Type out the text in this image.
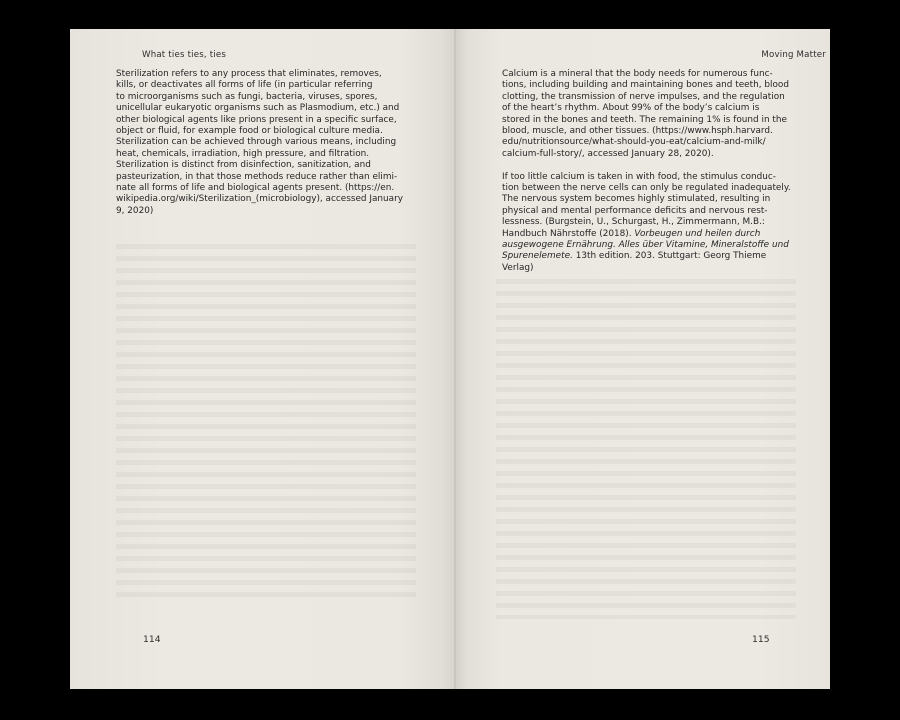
What ties ties, ties

Sterilization refers to any process that eliminates, removes,
kills, or deactivates all forms of life (in particular referring
to microorganisms such as fungi, bacteria, viruses, spores,
unicellular eukaryotic organisms such as Plasmodium, etc.) and
other biological agents like prions present in a specific surface,
object or fluid, for example food or biological culture media.
Sterilization can be achieved through various means, including
heat, chemicals, irradiation, high pressure, and filtration.
Sterilization is distinct from disinfection, sanitization, and
pasteurization, in that those methods reduce rather than elimi-
nate all forms of life and biological agents present. (https://en.
wikipedia.org/wiki/Sterilization_(microbiology), accessed January
9, 2020)

114
Moving Matter

Calcium is a mineral that the body needs for numerous func-
tions, including building and maintaining bones and teeth, blood
clotting, the transmission of nerve impulses, and the regulation
of the heart’s rhythm. About 99% of the body’s calcium is
stored in the bones and teeth. The remaining 1% is found in the
blood, muscle, and other tissues. (https://www.hsph.harvard.
edu/nutritionsource/what-should-you-eat/calcium-and-milk/
calcium-full-story/, accessed January 28, 2020).

If too little calcium is taken in with food, the stimulus conduc-
tion between the nerve cells can only be regulated inadequately.
The nervous system becomes highly stimulated, resulting in
physical and mental performance deficits and nervous rest-
lessness. (Burgstein, U., Schurgast, H., Zimmermann, M.B.:
Handbuch Nährstoffe (2018). Vorbeugen und heilen durch
ausgewogene Ernährung. Alles über Vitamine, Mineralstoffe und
Spurenelemete. 13th edition. 203. Stuttgart: Georg Thieme
Verlag)

115
